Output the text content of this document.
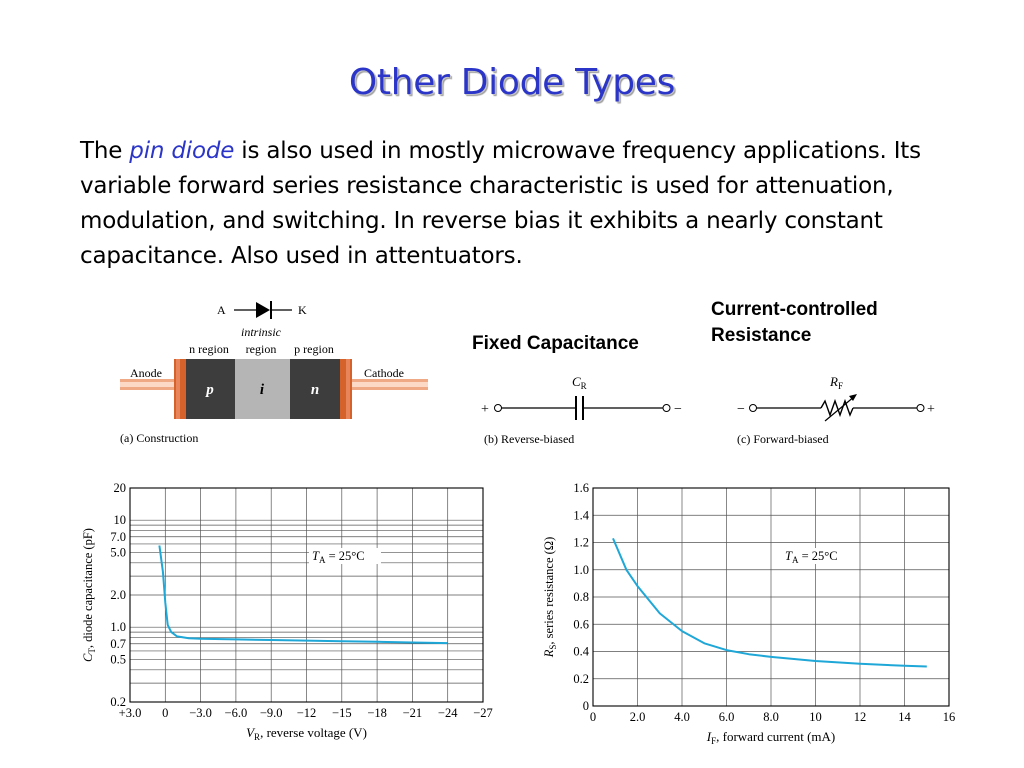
Other Diode Types
The pin diode is also used in mostly microwave frequency applications. Its variable forward series resistance characteristic is used for attenuation, modulation, and switching. In reverse bias it exhibits a nearly constant capacitance. Also used in attentuators.
Fixed Capacitance
Current-controlled
Resistance
A	K
intrinsic
n region region p region
Anode	Cathode
p	i	n
(a) Construction
+	−
$C_R$
(b) Reverse-biased
−	+
$R_F$
(c) Forward-biased
+3.0 0 −3.0 −6.0 −9.0 −12 −15 −18 −21 −24 −27
0.2
0.5
0.7
1.0
2.0
5.0
7.0
10
20
$V_R$, reverse voltage (V)
$C_T$, diode capacitance (pF)	$T_A = 25^\circ C$
0	2.0 4.0 6.0 8.0 10	12	14	16
0
0.2
0.4
0.6
0.8
1.0
1.2
1.4
1.6
$I_F$, forward current (mA)
$R_S$, series resistance (Ω)	$T_A = 25^\circ C$
